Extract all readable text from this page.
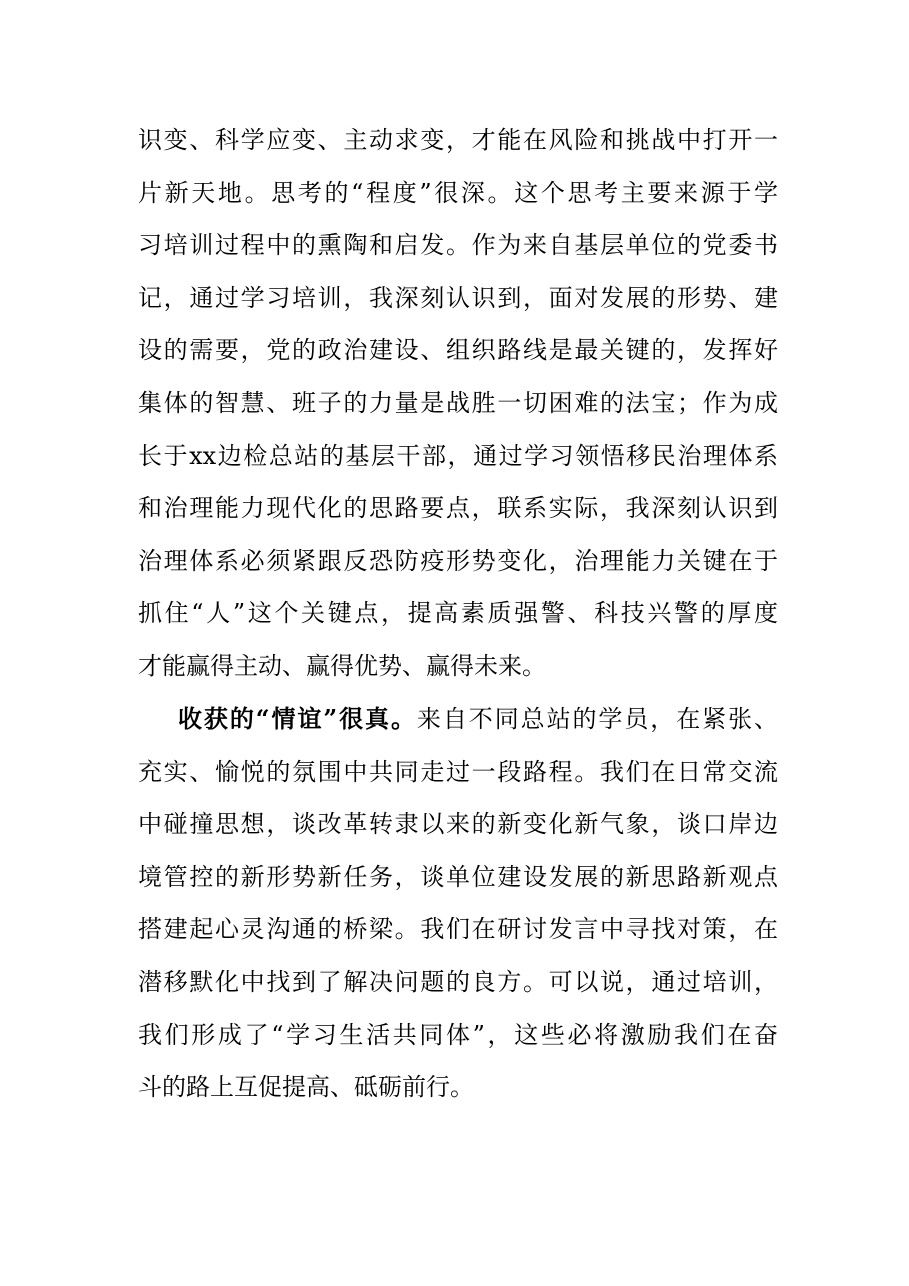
识变、科学应变、主动求变，才能在风险和挑战中打开一
片新天地。思考的“程度”很深。这个思考主要来源于学
习培训过程中的熏陶和启发。作为来自基层单位的党委书
记，通过学习培训，我深刻认识到，面对发展的形势、建
设的需要，党的政治建设、组织路线是最关键的，发挥好
集体的智慧、班子的力量是战胜一切困难的法宝；作为成
长于xx边检总站的基层干部，通过学习领悟移民治理体系
和治理能力现代化的思路要点，联系实际，我深刻认识到
治理体系必须紧跟反恐防疫形势变化，治理能力关键在于
抓住“人”这个关键点，提高素质强警、科技兴警的厚度
才能赢得主动、赢得优势、赢得未来。
收获的“情谊”很真。来自不同总站的学员，在紧张、
充实、愉悦的氛围中共同走过一段路程。我们在日常交流
中碰撞思想，谈改革转隶以来的新变化新气象，谈口岸边
境管控的新形势新任务，谈单位建设发展的新思路新观点
搭建起心灵沟通的桥梁。我们在研讨发言中寻找对策，在
潜移默化中找到了解决问题的良方。可以说，通过培训，
我们形成了“学习生活共同体”，这些必将激励我们在奋
斗的路上互促提高、砥砺前行。
